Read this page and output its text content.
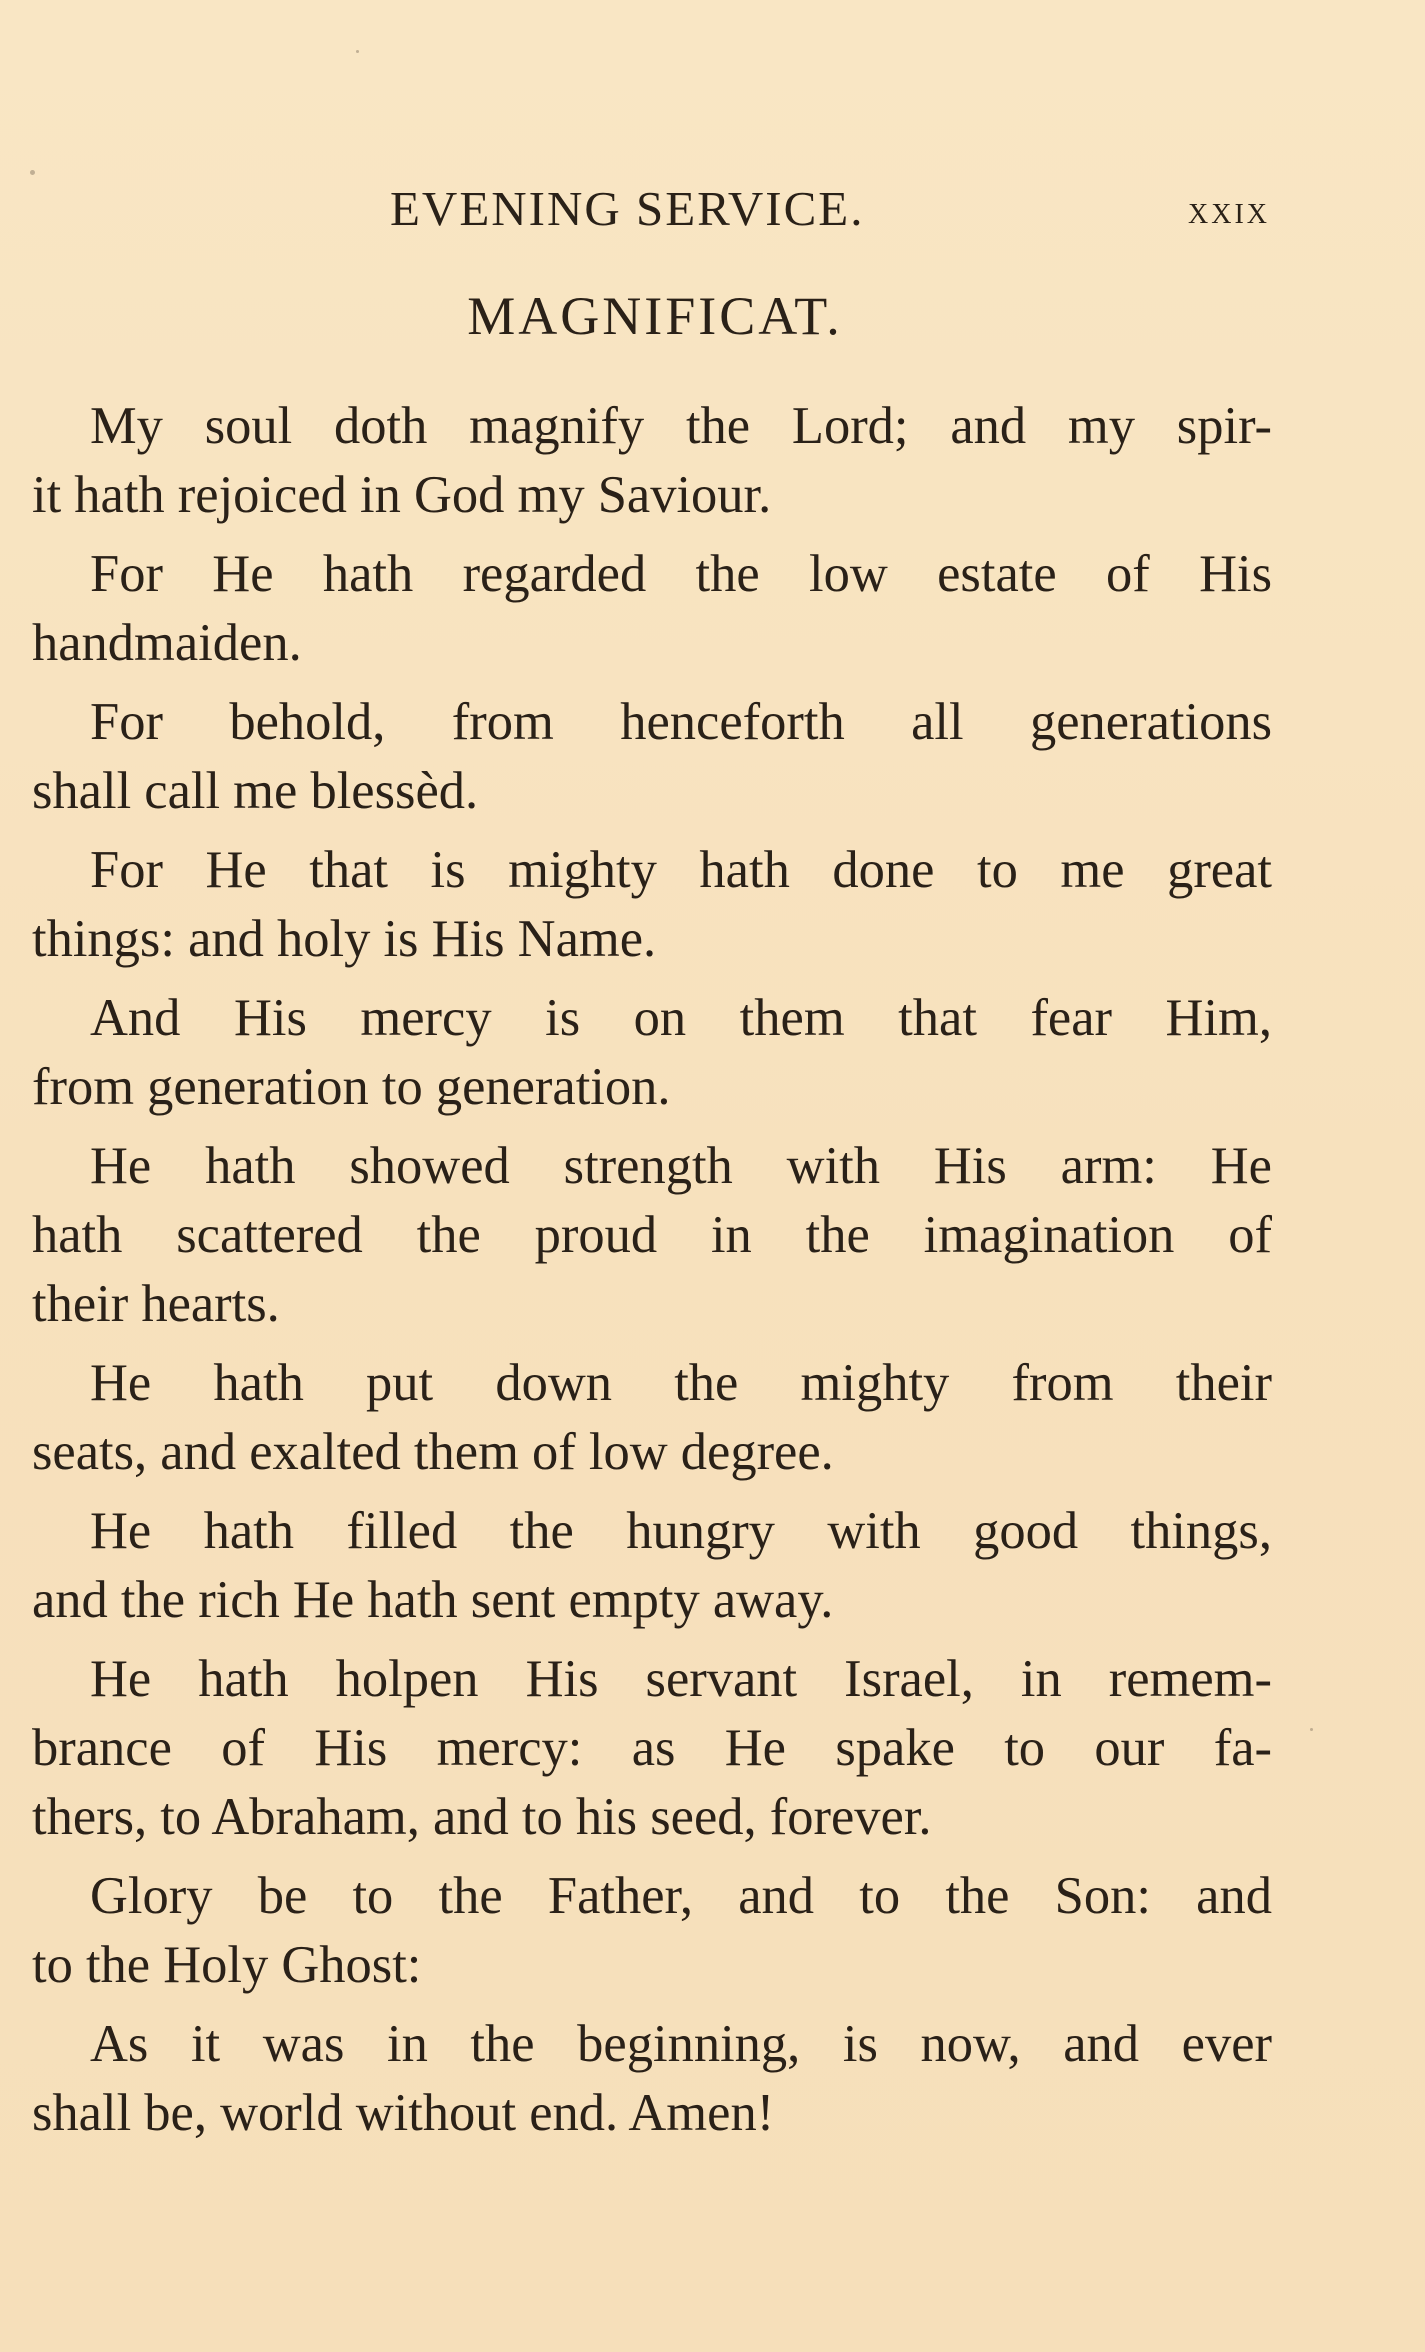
EVENING SERVICE.	xxix
MAGNIFICAT.

My soul doth magnify the Lord; and my spir-
it hath rejoiced in God my Saviour.

For He hath regarded the low estate of His
handmaiden.

For behold, from henceforth all generations
shall call me blessèd.

For He that is mighty hath done to me great
things: and holy is His Name.

And His mercy is on them that fear Him,
from generation to generation.

He hath showed strength with His arm: He
hath scattered the proud in the imagination of
their hearts.

He hath put down the mighty from their
seats, and exalted them of low degree.

He hath filled the hungry with good things,
and the rich He hath sent empty away.

He hath holpen His servant Israel, in remem-
brance of His mercy: as He spake to our fa-
thers, to Abraham, and to his seed, forever.

Glory be to the Father, and to the Son: and
to the Holy Ghost:

As it was in the beginning, is now, and ever
shall be, world without end. Amen!
